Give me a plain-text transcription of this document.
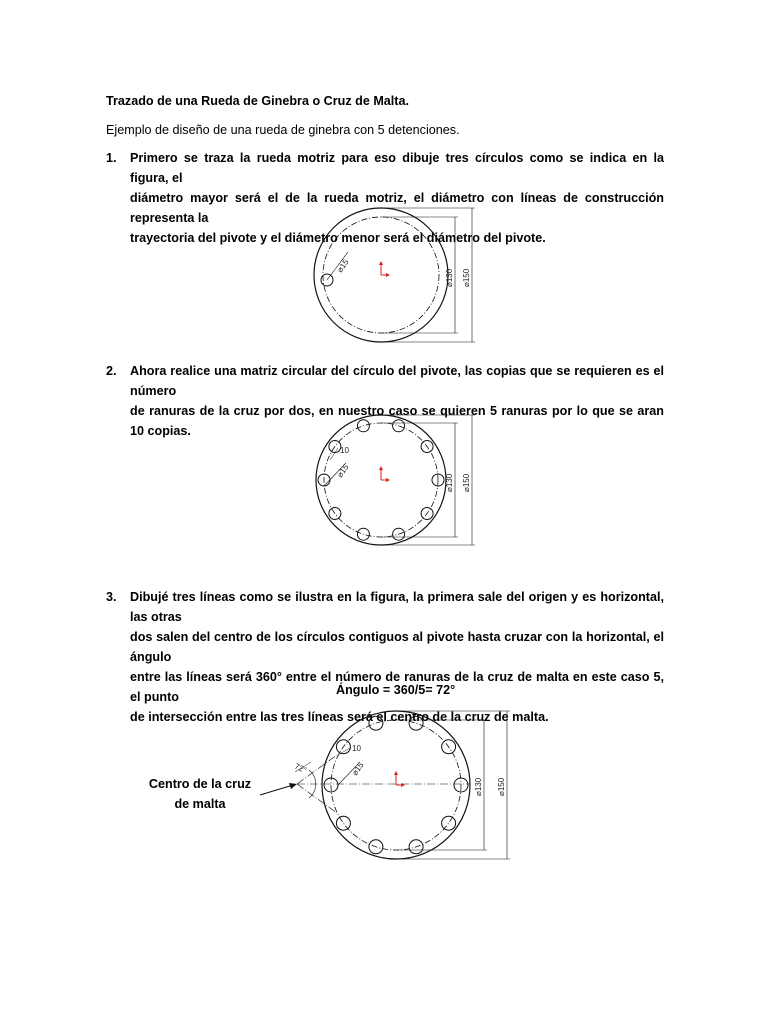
Trazado de una Rueda de Ginebra o Cruz de Malta.

Ejemplo de diseño de una rueda de ginebra con 5 detenciones.

1. Primero se traza la rueda motriz para eso dibuje tres círculos como se indica en la figura, el
diámetro mayor será el de la rueda motriz, el diámetro con líneas de construcción representa la
trayectoria del pivote y el diámetro menor será el diámetro del pivote.
⌀15
⌀130 ⌀150
2. Ahora realice una matriz circular del círculo del pivote, las copias que se requieren es el número
de ranuras de la cruz por dos, en nuestro caso se quieren 5 ranuras por lo que se aran 10 copias.
10
⌀15
⌀130 ⌀150
3. Dibujé tres líneas como se ilustra en la figura, la primera sale del origen y es horizontal, las otras
dos salen del centro de los círculos contiguos al pivote hasta cruzar con la horizontal, el ángulo
entre las líneas será 360° entre el número de ranuras de la cruz de malta en este caso 5, el punto
de intersección entre las tres líneas será el centro de la cruz de malta.

Ángulo = 360/5= 72°

Centro de la cruz
de malta
72°
10
⌀15
⌀130 ⌀150
